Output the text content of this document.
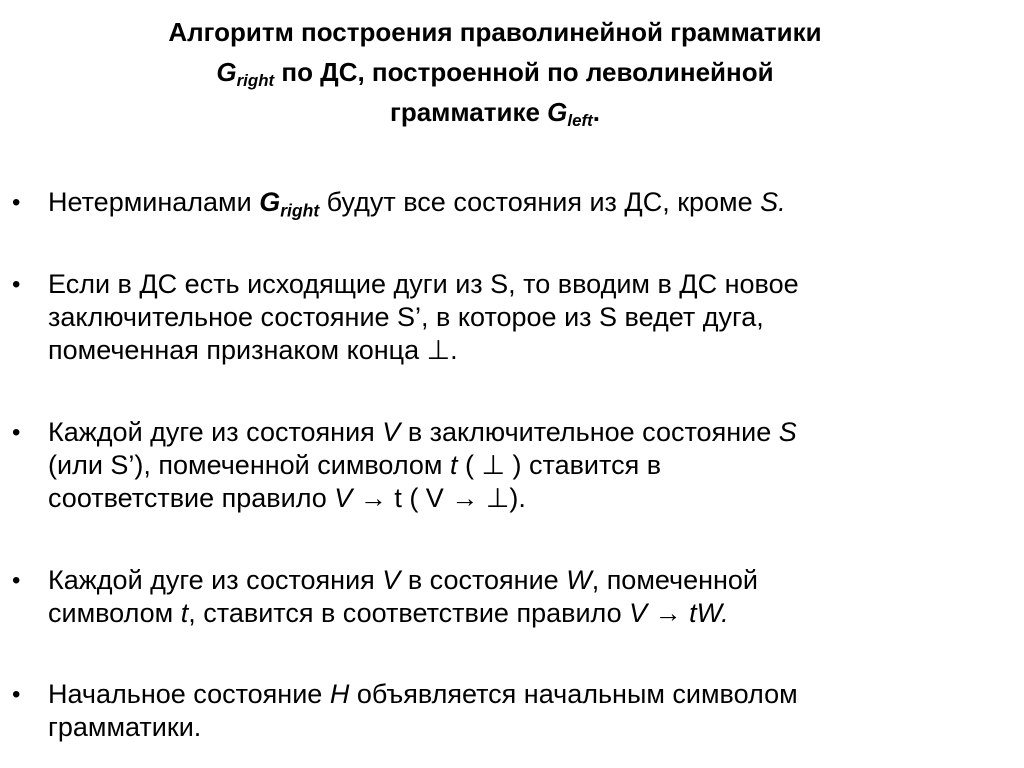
Алгоритм построения праволинейной грамматики
$G_{right}$ по ДС, построенной по леволинейной
грамматике $G_{left}$.
• Нетерминалами $G_{right}$ будут все состояния из ДС, кроме S.
• Если в ДС есть исходящие дуги из S, то вводим в ДС новое
заключительное состояние S’, в которое из S ведет дуга,
помеченная признаком конца ⊥.
• Каждой дуге из состояния V в заключительное состояние S
(или S’), помеченной символом t ( ⊥ ) ставится в
соответствие правило V → t ( V → ⊥).
• Каждой дуге из состояния V в состояние W, помеченной
символом t, ставится в соответствие правило V → tW.
• Начальное состояние H объявляется начальным символом
грамматики.
